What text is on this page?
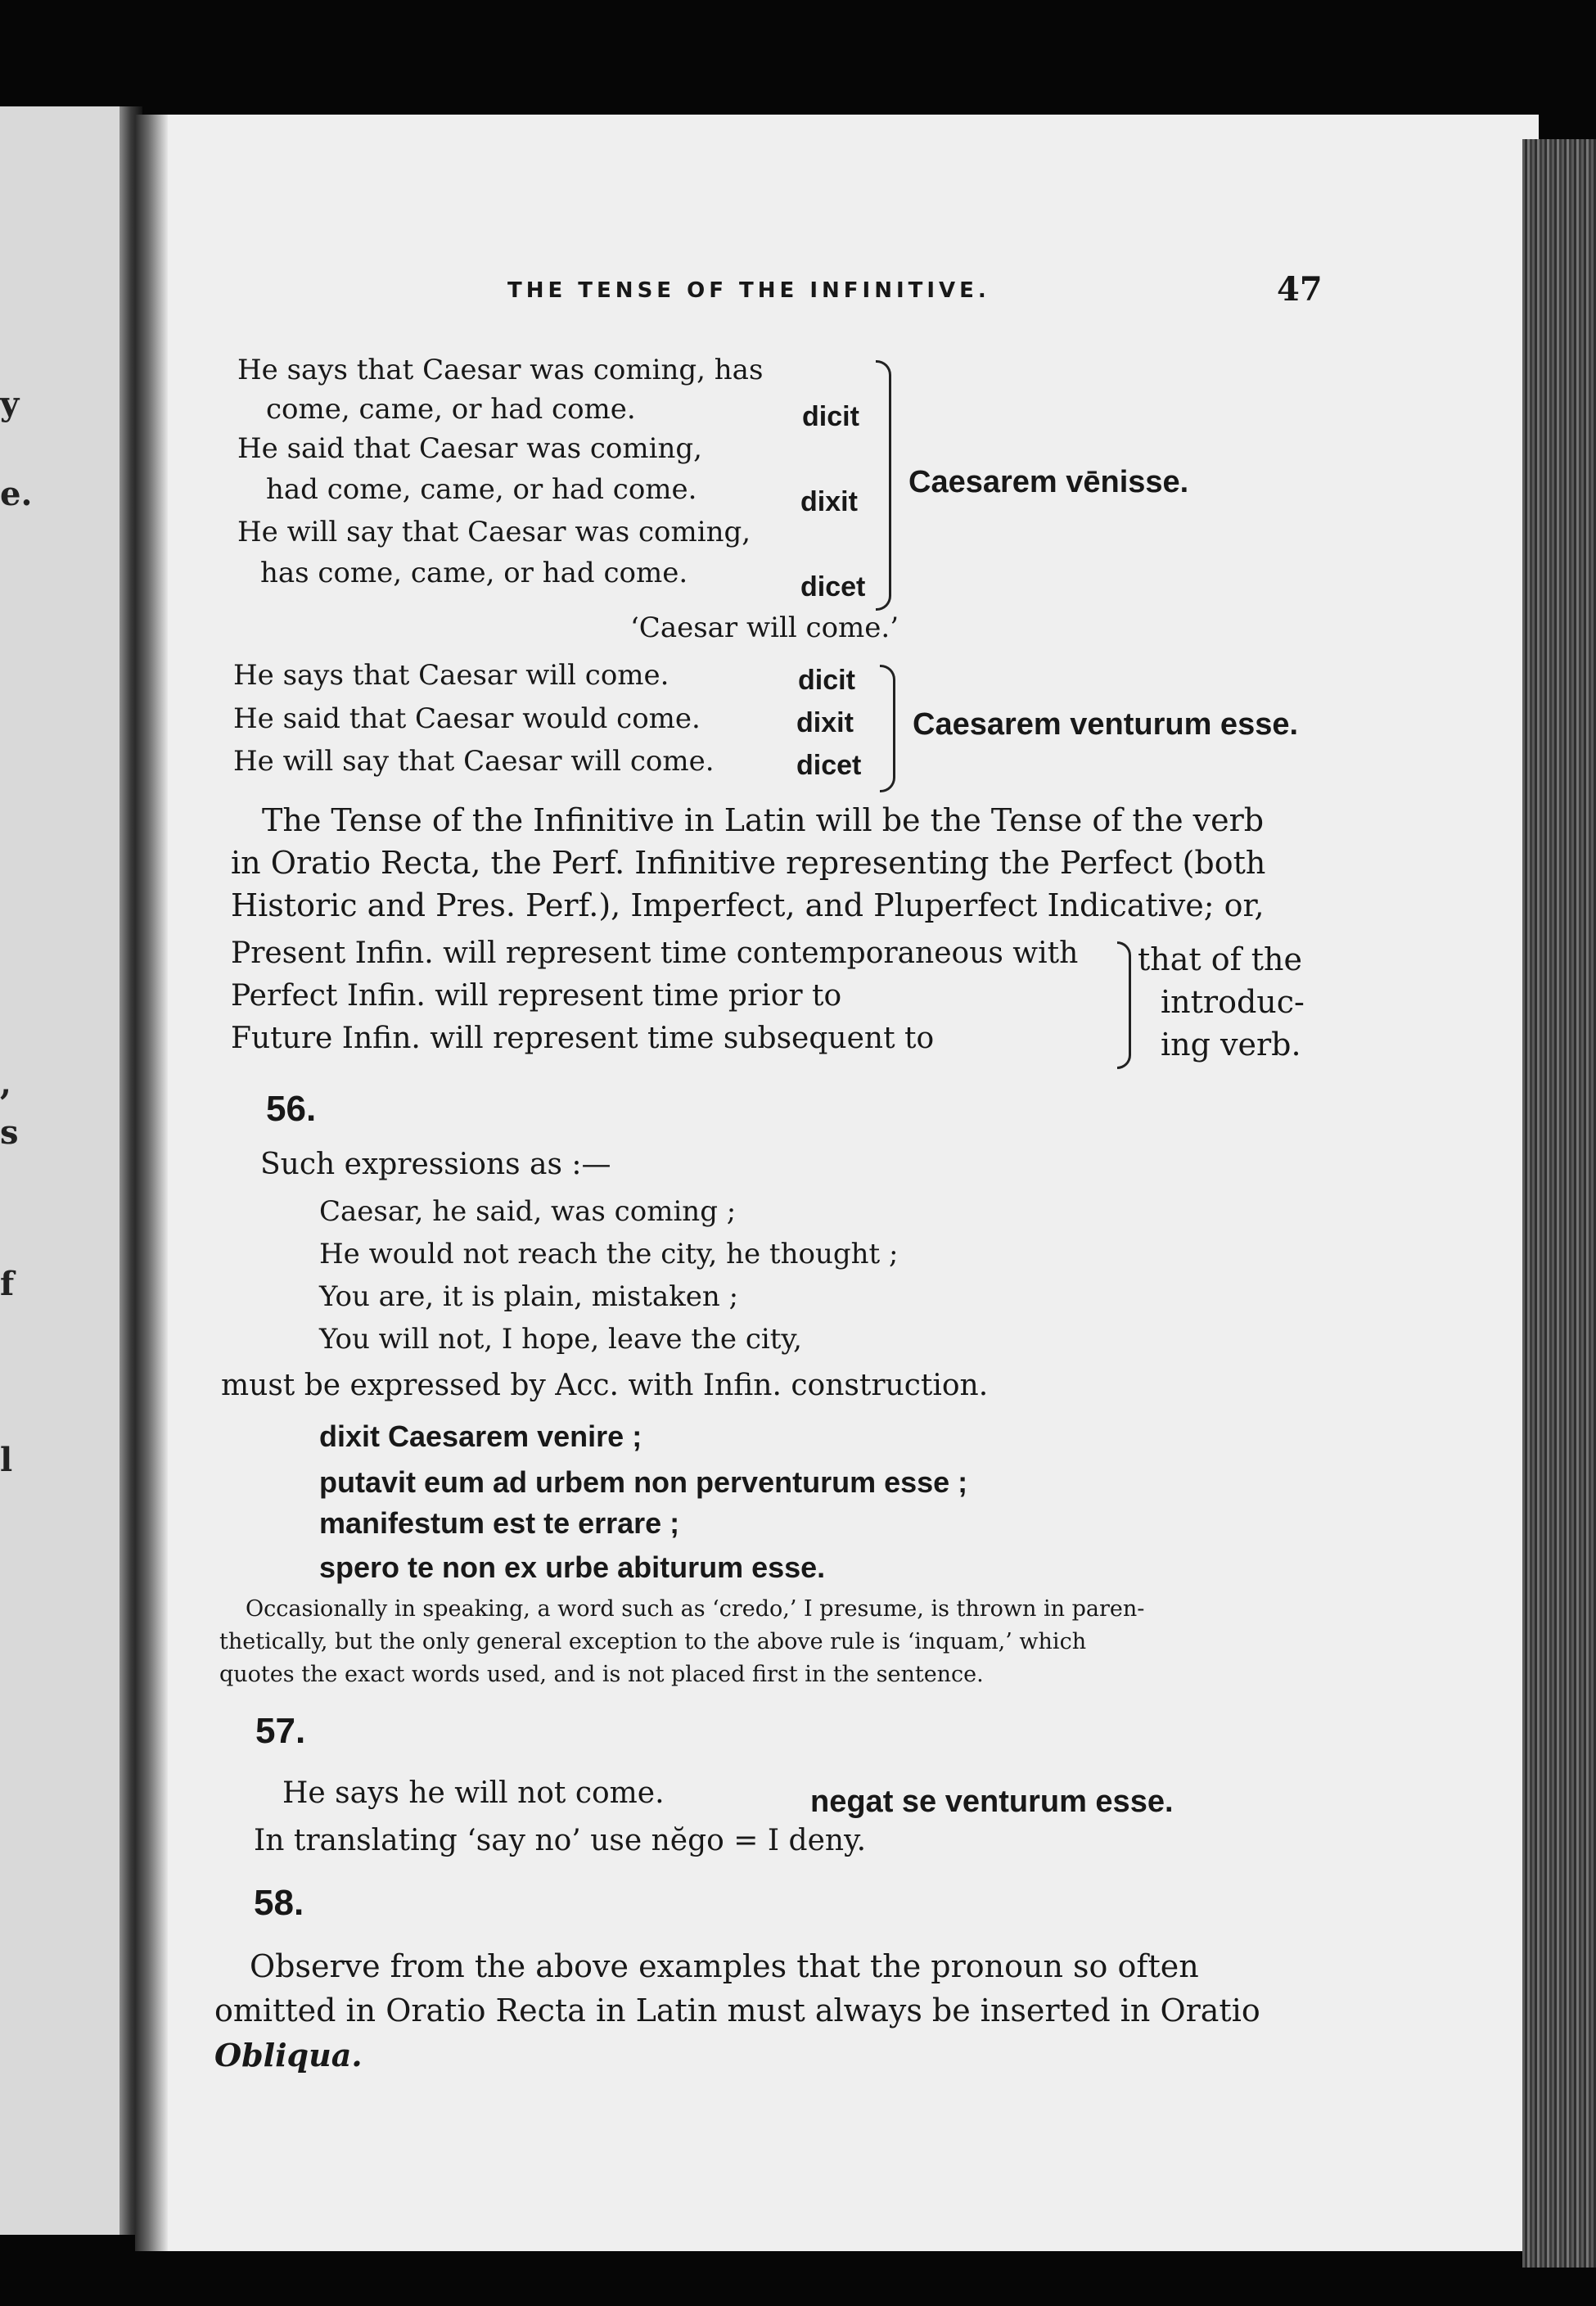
y
e.
,
s
f
l
THE TENSE OF THE INFINITIVE.	47
He says that Caesar was coming, has
come, came, or had come.
He said that Caesar was coming,
had come, came, or had come.
He will say that Caesar was coming,
has come, came, or had come.
dicit
dixit
dicet
Caesarem vēnisse.
‘Caesar will come.’
He says that Caesar will come.
He said that Caesar would come.
He will say that Caesar will come.
dicit
dixit
dicet
Caesarem venturum esse.
The Tense of the Infinitive in Latin will be the Tense of the verb
in Oratio Recta, the Perf. Infinitive representing the Perfect (both
Historic and Pres. Perf.), Imperfect, and Pluperfect Indicative; or,
Present Infin. will represent time contemporaneous with
Perfect Infin. will represent time prior to
Future Infin. will represent time subsequent to
that of the
introduc-
ing verb.
56.
Such expressions as :—
Caesar, he said, was coming ;
He would not reach the city, he thought ;
You are, it is plain, mistaken ;
You will not, I hope, leave the city,
must be expressed by Acc. with Infin. construction.
dixit Caesarem venire ;
putavit eum ad urbem non perventurum esse ;
manifestum est te errare ;
spero te non ex urbe abiturum esse.
Occasionally in speaking, a word such as ‘credo,’ I presume, is thrown in paren-
thetically, but the only general exception to the above rule is ‘inquam,’ which
quotes the exact words used, and is not placed first in the sentence.
57.
He says he will not come.	negat se venturum esse.
In translating ‘say no’ use nĕgo = I deny.
58.
Observe from the above examples that the pronoun so often
omitted in Oratio Recta in Latin must always be inserted in Oratio
Obliqua.
